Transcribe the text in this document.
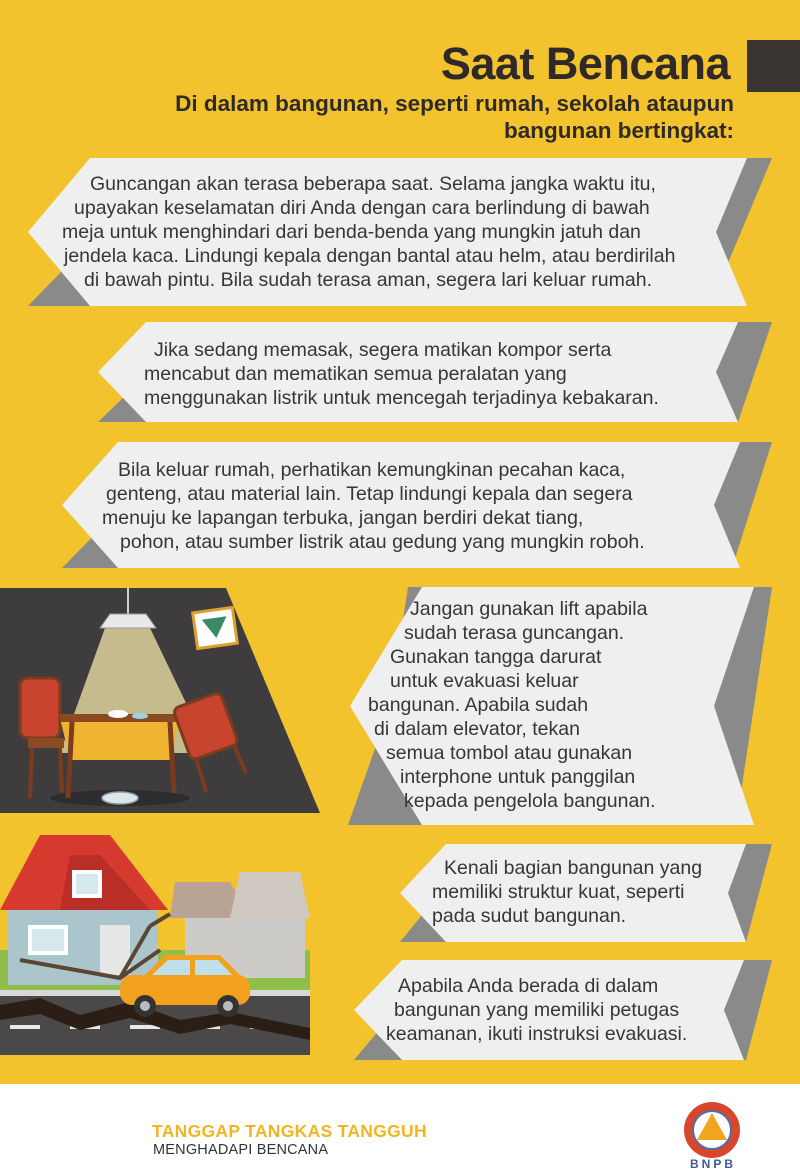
Saat Bencana
Di dalam bangunan, seperti rumah, sekolah ataupun
bangunan bertingkat:
Guncangan akan terasa beberapa saat. Selama jangka waktu itu,
upayakan keselamatan diri Anda dengan cara berlindung di bawah
meja untuk menghindari dari benda-benda yang mungkin jatuh dan
jendela kaca. Lindungi kepala dengan bantal atau helm, atau berdirilah
di bawah pintu. Bila sudah terasa aman, segera lari keluar rumah.
Jika sedang memasak, segera matikan kompor serta
mencabut dan mematikan semua peralatan yang
menggunakan listrik untuk mencegah terjadinya kebakaran.
Bila keluar rumah, perhatikan kemungkinan pecahan kaca,
genteng, atau material lain. Tetap lindungi kepala dan segera
menuju ke lapangan terbuka, jangan berdiri dekat tiang,
pohon, atau sumber listrik atau gedung yang mungkin roboh.
Jangan gunakan lift apabila
sudah terasa guncangan.
Gunakan tangga darurat
untuk evakuasi keluar
bangunan. Apabila sudah
di dalam elevator, tekan
semua tombol atau gunakan
interphone untuk panggilan
kepada pengelola bangunan.
Kenali bagian bangunan yang
memiliki struktur kuat, seperti
pada sudut bangunan.
Apabila Anda berada di dalam
bangunan yang memiliki petugas
keamanan, ikuti instruksi evakuasi.
TANGGAP TANGKAS TANGGUH
MENGHADAPI BENCANA
BNPB
